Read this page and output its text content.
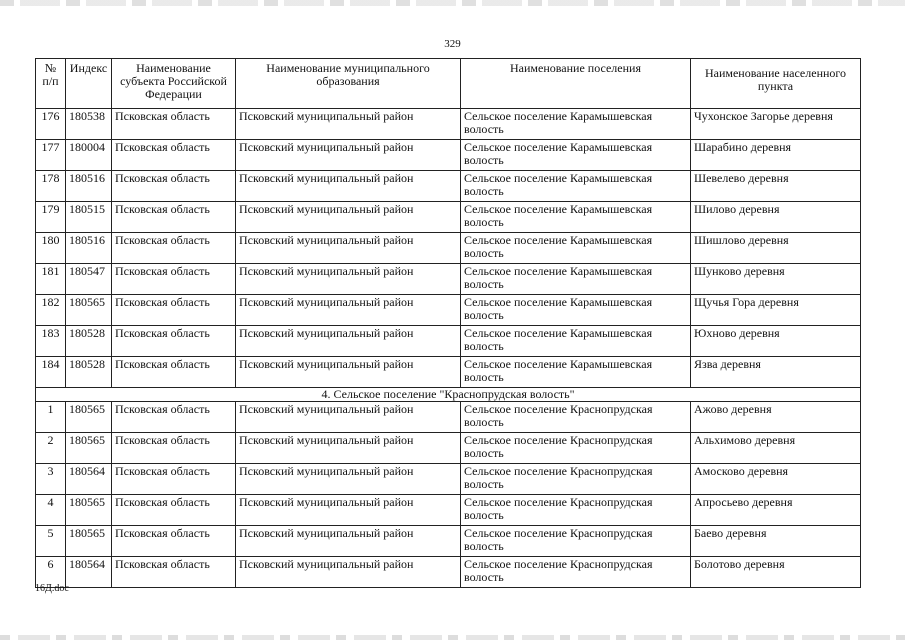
329
№ п/п	Индекс	Наименование субъекта Российской Федерации	Наименование муниципального образования	Наименование поселения	Наименование населенного пункта
176	180538	Псковская область	Псковский муниципальный район	Сельское поселение Карамышевская волость	Чухонское Загорье деревня
177	180004	Псковская область	Псковский муниципальный район	Сельское поселение Карамышевская волость	Шарабино деревня
178	180516	Псковская область	Псковский муниципальный район	Сельское поселение Карамышевская волость	Шевелево деревня
179	180515	Псковская область	Псковский муниципальный район	Сельское поселение Карамышевская волость	Шилово деревня
180	180516	Псковская область	Псковский муниципальный район	Сельское поселение Карамышевская волость	Шишлово деревня
181	180547	Псковская область	Псковский муниципальный район	Сельское поселение Карамышевская волость	Шунково деревня
182	180565	Псковская область	Псковский муниципальный район	Сельское поселение Карамышевская волость	Щучья Гора деревня
183	180528	Псковская область	Псковский муниципальный район	Сельское поселение Карамышевская волость	Юхново деревня
184	180528	Псковская область	Псковский муниципальный район	Сельское поселение Карамышевская волость	Язва деревня
4. Сельское поселение "Краснопрудская волость"					
1	180565	Псковская область	Псковский муниципальный район	Сельское поселение Краснопрудская волость	Ажово деревня
2	180565	Псковская область	Псковский муниципальный район	Сельское поселение Краснопрудская волость	Альхимово деревня
3	180564	Псковская область	Псковский муниципальный район	Сельское поселение Краснопрудская волость	Амосково деревня
4	180565	Псковская область	Псковский муниципальный район	Сельское поселение Краснопрудская волость	Апросьево деревня
5	180565	Псковская область	Псковский муниципальный район	Сельское поселение Краснопрудская волость	Баево деревня
6	180564	Псковская область	Псковский муниципальный район	Сельское поселение Краснопрудская волость	Болотово деревня
16Д.doc
